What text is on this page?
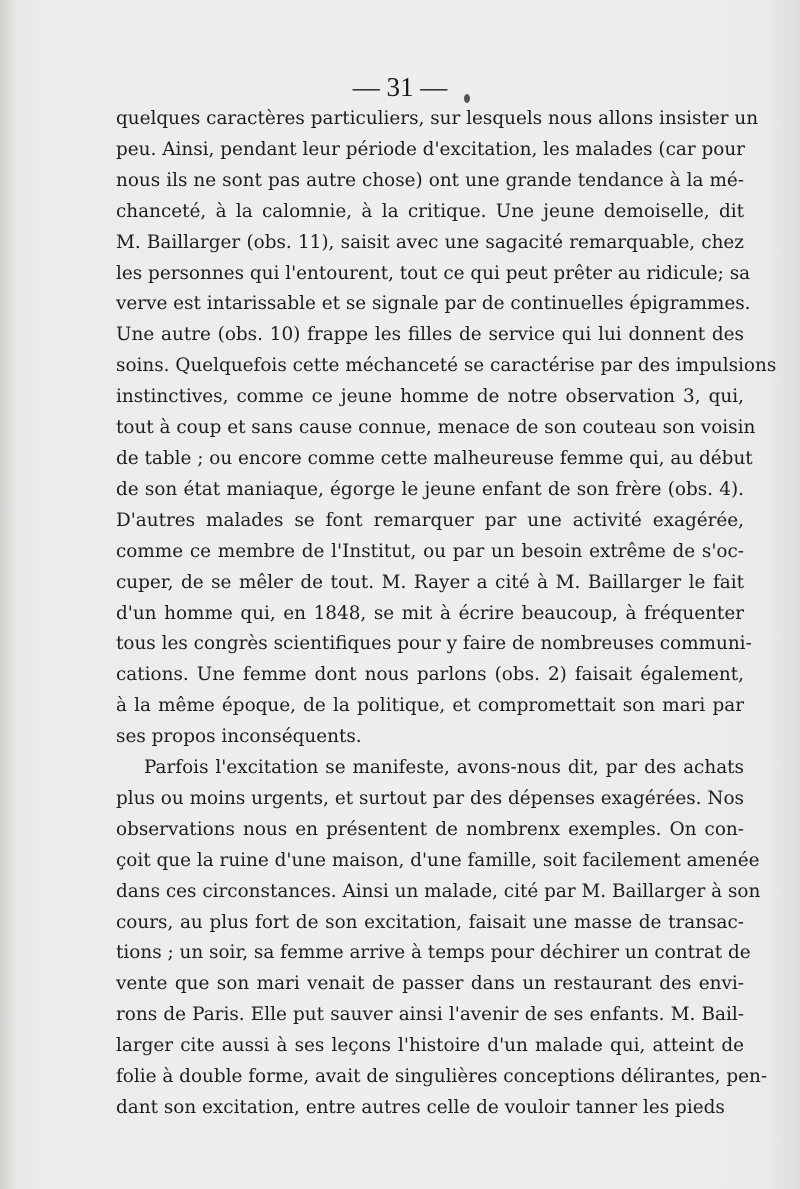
— 31 —
quelques caractères particuliers, sur lesquels nous allons insister un
peu. Ainsi, pendant leur période d'excitation, les malades (car pour
nous ils ne sont pas autre chose) ont une grande tendance à la mé-
chanceté, à la calomnie, à la critique. Une jeune demoiselle, dit
M. Baillarger (obs. 11), saisit avec une sagacité remarquable, chez
les personnes qui l'entourent, tout ce qui peut prêter au ridicule; sa
verve est intarissable et se signale par de continuelles épigrammes.
Une autre (obs. 10) frappe les filles de service qui lui donnent des
soins. Quelquefois cette méchanceté se caractérise par des impulsions
instinctives, comme ce jeune homme de notre observation 3, qui,
tout à coup et sans cause connue, menace de son couteau son voisin
de table ; ou encore comme cette malheureuse femme qui, au début
de son état maniaque, égorge le jeune enfant de son frère (obs. 4).
D'autres malades se font remarquer par une activité exagérée,
comme ce membre de l'Institut, ou par un besoin extrême de s'oc-
cuper, de se mêler de tout. M. Rayer a cité à M. Baillarger le fait
d'un homme qui, en 1848, se mit à écrire beaucoup, à fréquenter
tous les congrès scientifiques pour y faire de nombreuses communi-
cations. Une femme dont nous parlons (obs. 2) faisait également,
à la même époque, de la politique, et compromettait son mari par
ses propos inconséquents.
Parfois l'excitation se manifeste, avons-nous dit, par des achats
plus ou moins urgents, et surtout par des dépenses exagérées. Nos
observations nous en présentent de nombrenx exemples. On con-
çoit que la ruine d'une maison, d'une famille, soit facilement amenée
dans ces circonstances. Ainsi un malade, cité par M. Baillarger à son
cours, au plus fort de son excitation, faisait une masse de transac-
tions ; un soir, sa femme arrive à temps pour déchirer un contrat de
vente que son mari venait de passer dans un restaurant des envi-
rons de Paris. Elle put sauver ainsi l'avenir de ses enfants. M. Bail-
larger cite aussi à ses leçons l'histoire d'un malade qui, atteint de
folie à double forme, avait de singulières conceptions délirantes, pen-
dant son excitation, entre autres celle de vouloir tanner les pieds
